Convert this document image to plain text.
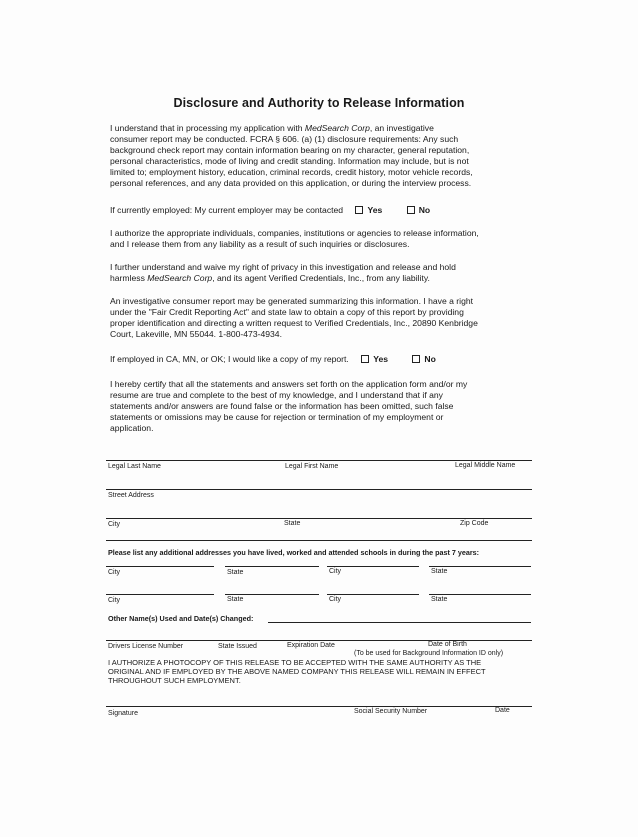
Disclosure and Authority to Release Information
I understand that in processing my application with MedSearch Corp, an investigative
consumer report may be conducted. FCRA § 606. (a) (1) disclosure requirements: Any such
background check report may contain information bearing on my character, general reputation,
personal characteristics, mode of living and credit standing. Information may include, but is not
limited to; employment history, education, criminal records, credit history, motor vehicle records,
personal references, and any data provided on this application, or during the interview process.
If currently employed: My current employer may be contacted	Yes	No
I authorize the appropriate individuals, companies, institutions or agencies to release information,
and I release them from any liability as a result of such inquiries or disclosures.
I further understand and waive my right of privacy in this investigation and release and hold
harmless MedSearch Corp, and its agent Verified Credentials, Inc., from any liability.
An investigative consumer report may be generated summarizing this information. I have a right
under the "Fair Credit Reporting Act" and state law to obtain a copy of this report by providing
proper identification and directing a written request to Verified Credentials, Inc., 20890 Kenbridge
Court, Lakeville, MN 55044. 1-800-473-4934.
If employed in CA, MN, or OK; I would like a copy of my report.	Yes	No
I hereby certify that all the statements and answers set forth on the application form and/or my
resume are true and complete to the best of my knowledge, and I understand that if any
statements and/or answers are found false or the information has been omitted, such false
statements or omissions may be cause for rejection or termination of my employment or
application.
Legal Last Name	Legal First Name	Legal Middle Name
Street Address
City	State	Zip Code
Please list any additional addresses you have lived, worked and attended schools in during the past 7 years:
City	State	City	State
City	State	City	State
Other Name(s) Used and Date(s) Changed:
Drivers License Number	State Issued	Expiration Date	Date of Birth
(To be used for Background Information ID only)
I AUTHORIZE A PHOTOCOPY OF THIS RELEASE TO BE ACCEPTED WITH THE SAME AUTHORITY AS THE
ORIGINAL AND IF EMPLOYED BY THE ABOVE NAMED COMPANY THIS RELEASE WILL REMAIN IN EFFECT
THROUGHOUT SUCH EMPLOYMENT.
Signature	Social Security Number	Date
